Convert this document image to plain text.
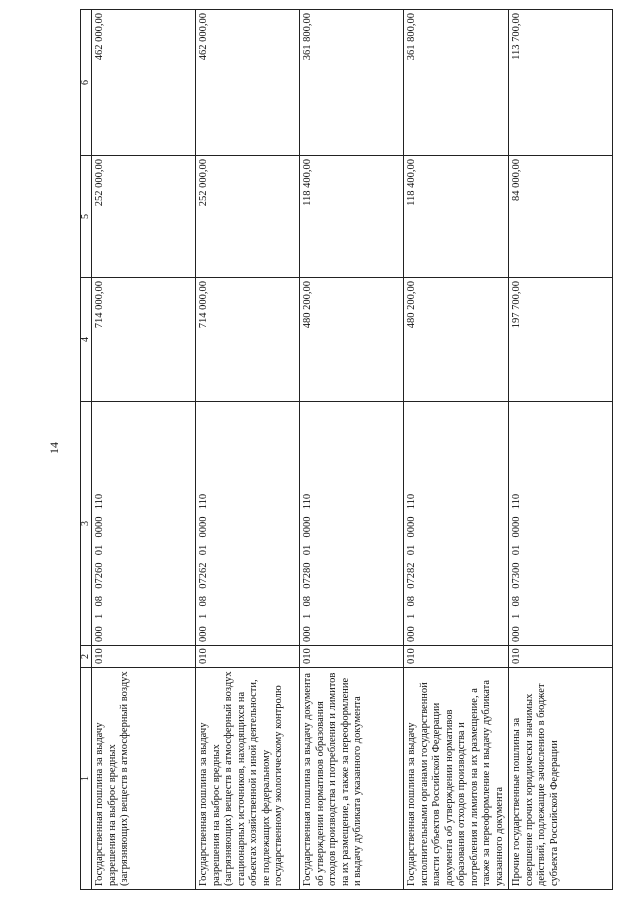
14
1	2	3	4	5	6
Государственная пошлина за выдачу разрешения на выброс вредных (загрязняющих) веществ в атмосферный воздух	010	000  1  08  07260  01  0000  110	714 000,00	252 000,00	462 000,00
Государственная пошлина за выдачу разрешения на выброс вредных (загрязняющих) веществ в атмосферный воздух стационарных источников, находящихся на объектах хозяйственной и иной деятельности, не подлежащих федеральному государственному экологическому контролю	010	000  1  08  07262  01  0000  110	714 000,00	252 000,00	462 000,00
Государственная пошлина за выдачу документа об утверждении нормативов образования отходов производства и потребления и лимитов на их размещение, а также за переоформление и выдачу дубликата указанного документа	010	000  1  08  07280  01  0000  110	480 200,00	118 400,00	361 800,00
Государственная пошлина за выдачу исполнительными органами государственной власти субъектов Российской Федерации документа об утверждении нормативов образования отходов производства и потребления и лимитов на их размещение, а также за переоформление и выдачу дубликата указанного документа	010	000  1  08  07282  01  0000  110	480 200,00	118 400,00	361 800,00
Прочие государственные пошлины за совершение прочих юридически значимых действий, подлежащие зачислению в бюджет субъекта Российской Федерации	010	000  1  08  07300  01  0000  110	197 700,00	84 000,00	113 700,00
